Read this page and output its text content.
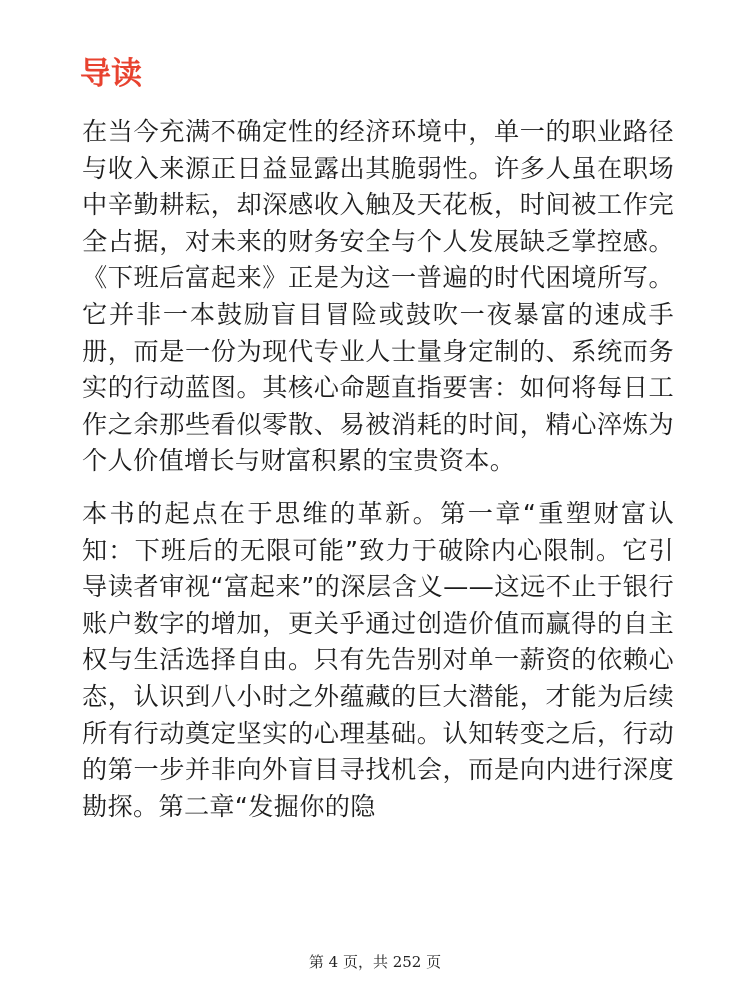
导读

在当今充满不确定性的经济环境中，单一的职业路径与收入来源正日益显露出其脆弱性。许多人虽在职场中辛勤耕耘，却深感收入触及天花板，时间被工作完全占据，对未来的财务安全与个人发展缺乏掌控感。《下班后富起来》正是为这一普遍的时代困境所写。它并非一本鼓励盲目冒险或鼓吹一夜暴富的速成手册，而是一份为现代专业人士量身定制的、系统而务实的行动蓝图。其核心命题直指要害：如何将每日工作之余那些看似零散、易被消耗的时间，精心淬炼为个人价值增长与财富积累的宝贵资本。

本书的起点在于思维的革新。第一章“重塑财富认知：下班后的无限可能”致力于破除内心限制。它引导读者审视“富起来”的深层含义——这远不止于银行账户数字的增加，更关乎通过创造价值而赢得的自主权与生活选择自由。只有先告别对单一薪资的依赖心态，认识到八小时之外蕴藏的巨大潜能，才能为后续所有行动奠定坚实的心理基础。认知转变之后，行动的第一步并非向外盲目寻找机会，而是向内进行深度勘探。第二章“发掘你的隐

第 4 页，共 252 页
